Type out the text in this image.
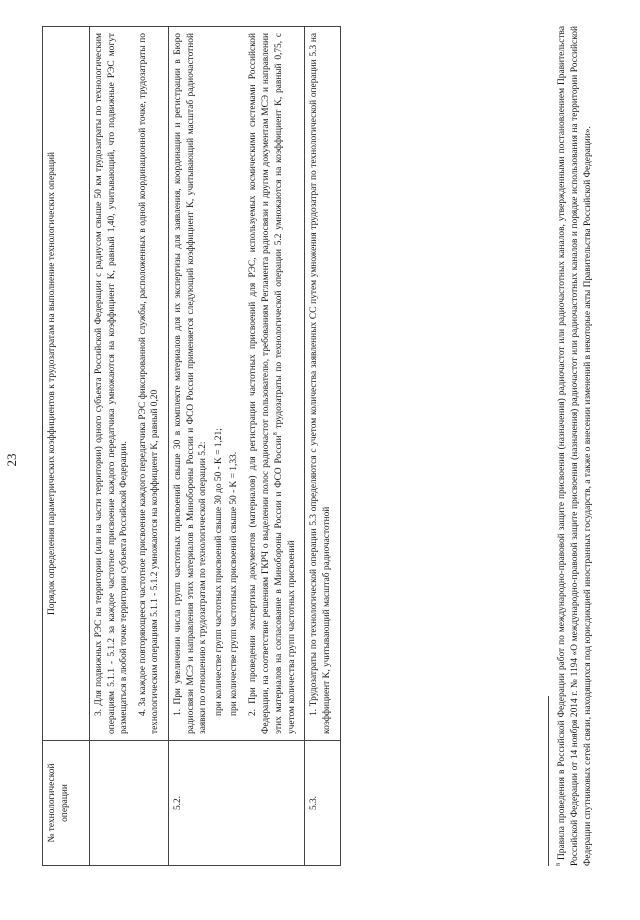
23
№ технологической операции	Порядок определения параметрических коэффициентов к трудозатратам на выполнение технологических операций

	3. Для подвижных РЭС на территории (или на части территории) одного субъекта Российской Федерации с радиусом свыше 50 км трудозатраты по технологическим операциям 5.1.1 - 5.1.2 за каждое частотное присвоение каждого передатчика умножаются на коэффициент K, равный 1,40, учитывающий, что подвижные РЭС могут размещаться в любой точке территории субъекта Российской Федерации. 4. За каждое повторяющееся частотное присвоение каждого передатчика РЭС фиксированной службы, расположенных в одной координационной точке, трудозатраты по технологическим операциям 5.1.1 - 5.1.2 умножаются на коэффициент K, равный 0,20

5.2.	1. При увеличении числа групп частотных присвоений свыше 30 в комплекте материалов для их экспертизы для заявления, координации и регистрации в Бюро радиосвязи МСЭ и направления этих материалов в Минобороны России и ФСО России применяется следующий коэффициент K, учитывающий масштаб радиочастотной заявки по отношению к трудозатратам по технологической операции 5.2: при количестве групп частотных присвоений свыше 30 до 50 - K = 1,21; при количестве групп частотных присвоений свыше 50 - K = 1,33. 2. При проведении экспертизы документов (материалов) для регистрации частотных присвоений для РЭС, используемых космическими системами Российской Федерации, на соответствие решениям ГКРЧ о выделении полос радиочастот пользователю, требованиям Регламента радиосвязи и другим документам МСЭ и направлении этих материалов на согласование в Минобороны России и ФСО России$^8$ трудозатраты по технологической операции 5.2 умножаются на коэффициент K, равный 0,75, с учетом количества групп частотных присвоений

5.3.	1. Трудозатраты по технологической операции 5.3 определяются с учетом количества заявленных СС путем умножения трудозатрат по технологической операции 5.3 на коэффициент K, учитывающий масштаб радиочастотной

$^8$ Правила проведения в Российской Федерации работ по международно-правовой защите присвоения (назначения) радиочастот или радиочастотных каналов, утвержденными постановлением Правительства Российской Федерации от 14 ноября 2014 г. № 1194 «О международно-правовой защите присвоения (назначения) радиочастот или радиочастотных каналов и порядке использования на территории Российской Федерации спутниковых сетей связи, находящихся под юрисдикцией иностранных государств, а также о внесении изменений в некоторые акты Правительства Российской Федерации».
